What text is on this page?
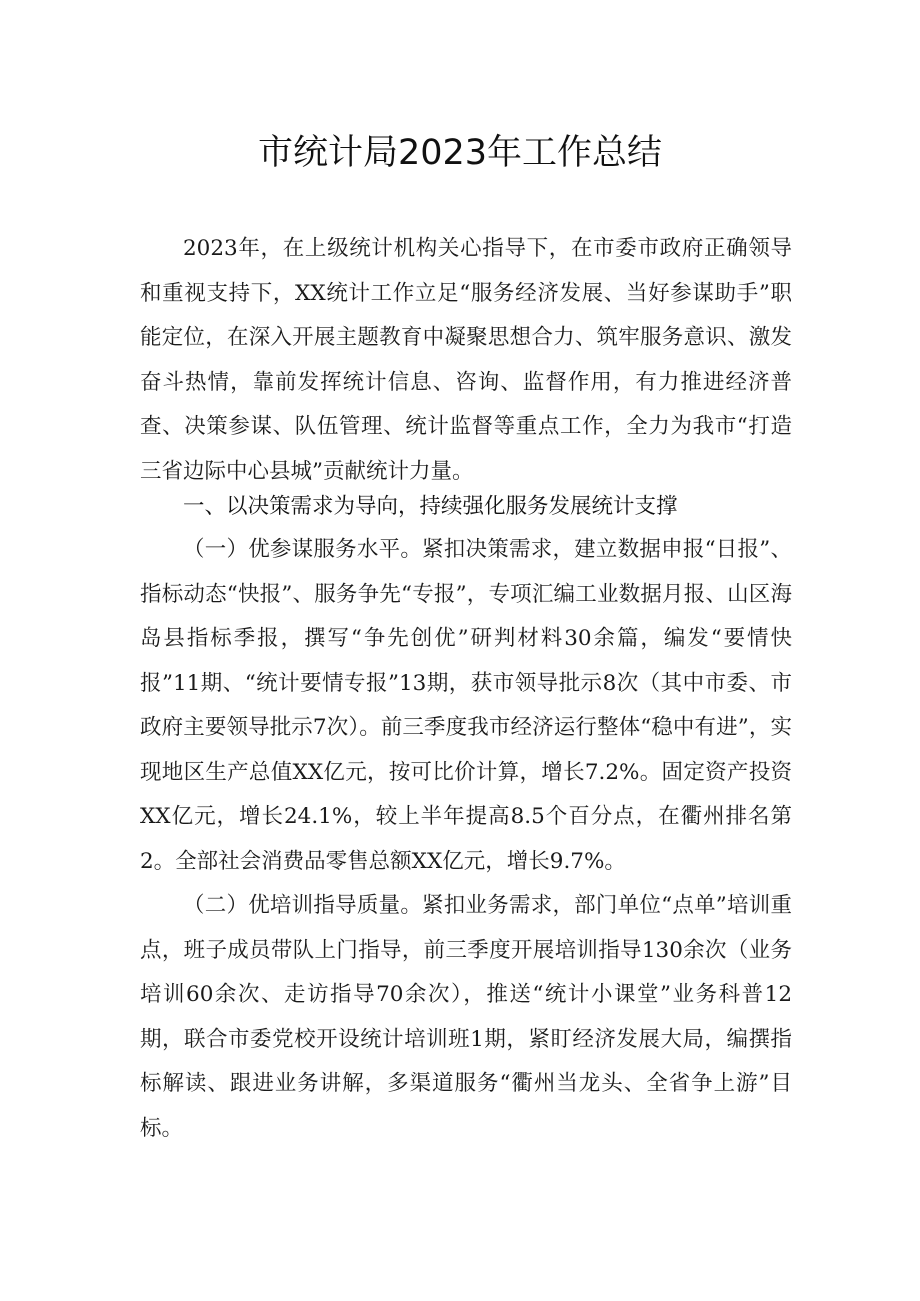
市统计局2023年工作总结

2023年，在上级统计机构关心指导下，在市委市政府正确领导和重视支持下，XX统计工作立足“服务经济发展、当好参谋助手”职能定位，在深入开展主题教育中凝聚思想合力、筑牢服务意识、激发奋斗热情，靠前发挥统计信息、咨询、监督作用，有力推进经济普查、决策参谋、队伍管理、统计监督等重点工作，全力为我市“打造三省边际中心县城”贡献统计力量。

一、以决策需求为导向，持续强化服务发展统计支撑

（一）优参谋服务水平。紧扣决策需求，建立数据申报“日报”、指标动态“快报”、服务争先“专报”，专项汇编工业数据月报、山区海岛县指标季报，撰写“争先创优”研判材料30余篇，编发“要情快报”11期、“统计要情专报”13期，获市领导批示8次（其中市委、市政府主要领导批示7次）。前三季度我市经济运行整体“稳中有进”，实现地区生产总值XX亿元，按可比价计算，增长7.2%。固定资产投资XX亿元，增长24.1%，较上半年提高8.5个百分点，在衢州排名第2。全部社会消费品零售总额XX亿元，增长9.7%。

（二）优培训指导质量。紧扣业务需求，部门单位“点单”培训重点，班子成员带队上门指导，前三季度开展培训指导130余次（业务培训60余次、走访指导70余次），推送“统计小课堂”业务科普12期，联合市委党校开设统计培训班1期，紧盯经济发展大局，编撰指标解读、跟进业务讲解，多渠道服务“衢州当龙头、全省争上游”目标。
